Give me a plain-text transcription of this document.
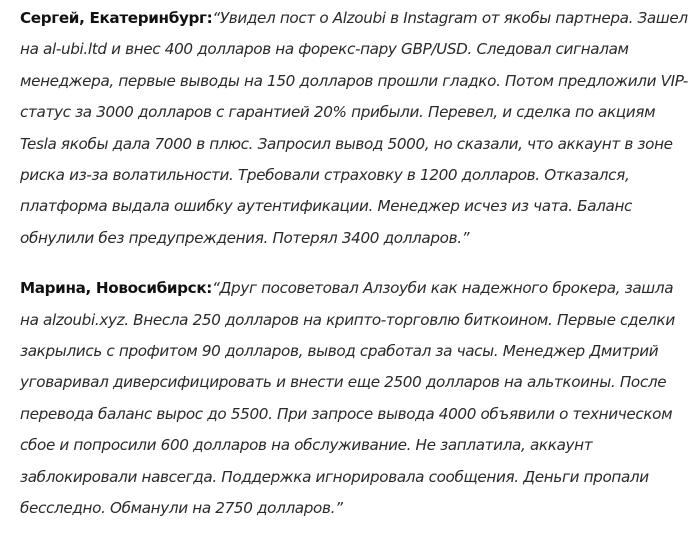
Сергей, Екатеринбург:“Увидел пост о Alzoubi в Instagram от якобы партнера. Зашел на al-ubi.ltd и внес 400 долларов на форекс-пару GBP/USD. Следовал сигналам менеджера, первые выводы на 150 долларов прошли гладко. Потом предложили VIP-статус за 3000 долларов с гарантией 20% прибыли. Перевел, и сделка по акциям Tesla якобы дала 7000 в плюс. Запросил вывод 5000, но сказали, что аккаунт в зоне риска из-за волатильности. Требовали страховку в 1200 долларов. Отказался, платформа выдала ошибку аутентификации. Менеджер исчез из чата. Баланс обнулили без предупреждения. Потерял 3400 долларов.”

Марина, Новосибирск:“Друг посоветовал Алзоуби как надежного брокера, зашла на alzoubi.xyz. Внесла 250 долларов на крипто-торговлю биткоином. Первые сделки закрылись с профитом 90 долларов, вывод сработал за часы. Менеджер Дмитрий уговаривал диверсифицировать и внести еще 2500 долларов на альткоины. После перевода баланс вырос до 5500. При запросе вывода 4000 объявили о техническом сбое и попросили 600 долларов на обслуживание. Не заплатила, аккаунт заблокировали навсегда. Поддержка игнорировала сообщения. Деньги пропали бесследно. Обманули на 2750 долларов.”
